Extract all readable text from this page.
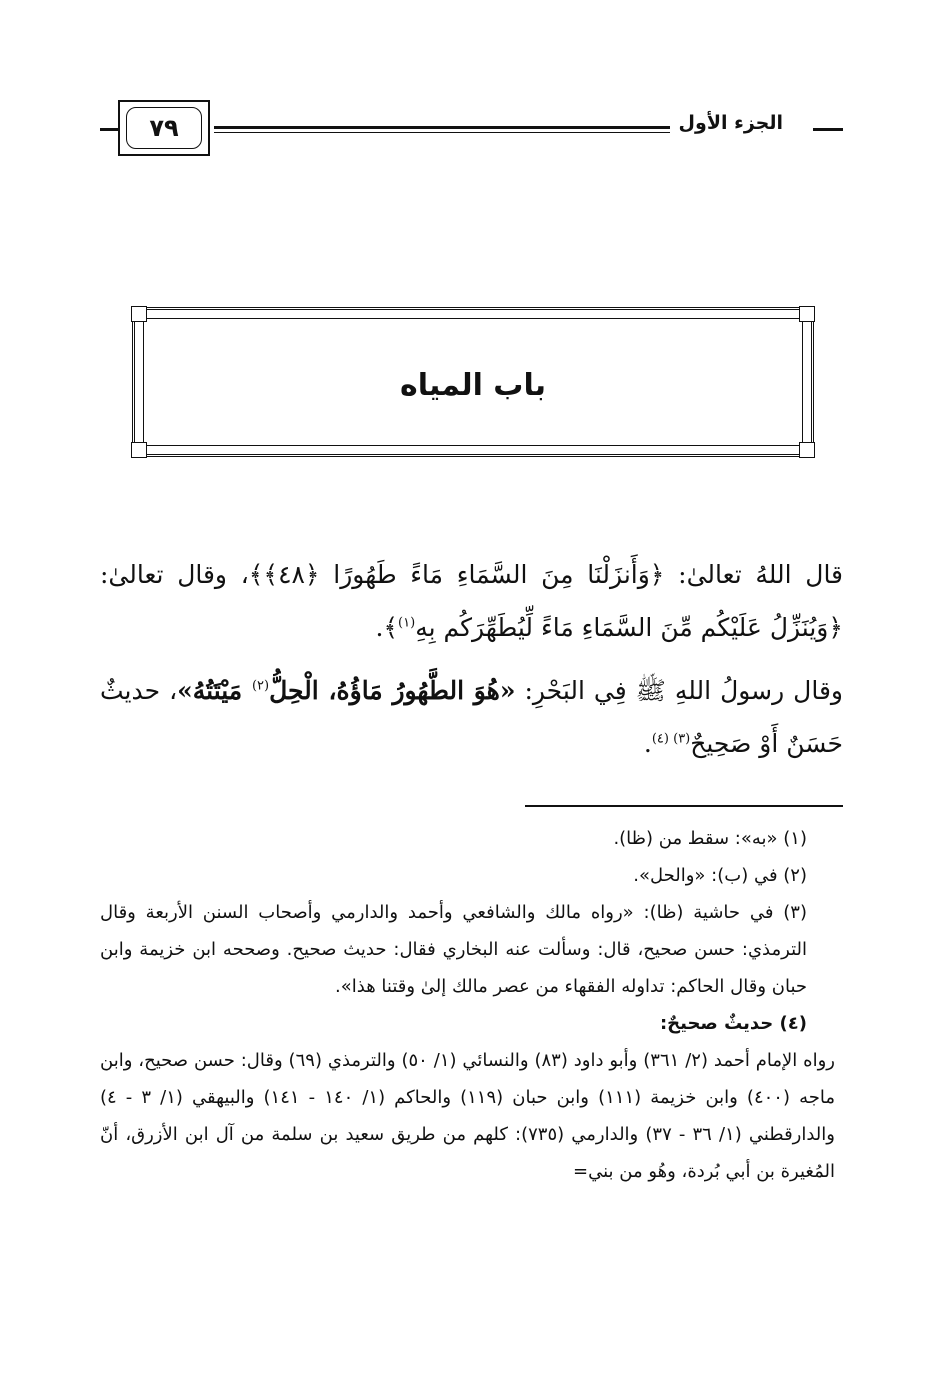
الجزء الأول
٧٩
باب المياه

قال اللهُ تعالىٰ: ﴿وَأَنزَلْنَا مِنَ السَّمَاءِ مَاءً طَهُورًا ﴿٤٨﴾﴾، وقال تعالىٰ: ﴿وَيُنَزِّلُ عَلَيْكُم مِّنَ السَّمَاءِ مَاءً لِّيُطَهِّرَكُم بِهِ$^{(١)}$﴾.

وقال رسولُ اللهِ ﷺ فِي البَحْرِ: «هُوَ الطَّهُورُ مَاؤُهُ، الْحِلُّ$^{(٢)}$ مَيْتَتُهُ»، حديثٌ حَسَنٌ أَوْ صَحِيحٌ$^{(٣) (٤)}$.

(١) «به»: سقط من (ظا).

(٢) في (ب): «والحل».

(٣) في حاشية (ظا): «رواه مالك والشافعي وأحمد والدارمي وأصحاب السنن الأربعة وقال الترمذي: حسن صحيح، قال: وسألت عنه البخاري فقال: حديث صحيح. وصححه ابن خزيمة وابن حبان وقال الحاكم: تداوله الفقهاء من عصر مالك إلىٰ وقتنا هذا».

(٤) حديثٌ صحيحٌ:

رواه الإمام أحمد (٢/ ٣٦١) وأبو داود (٨٣) والنسائي (١/ ٥٠) والترمذي (٦٩) وقال: حسن صحيح، وابن ماجه (٤٠٠) وابن خزيمة (١١١) وابن حبان (١١٩) والحاكم (١/ ١٤٠ - ١٤١) والبيهقي (١/ ٣ - ٤) والدارقطني (١/ ٣٦ - ٣٧) والدارمي (٧٣٥): كلهم من طريق سعيد بن سلمة من آل ابن الأزرق، أنّ المُغيرة بن أبي بُردة، وهُو من بني=
